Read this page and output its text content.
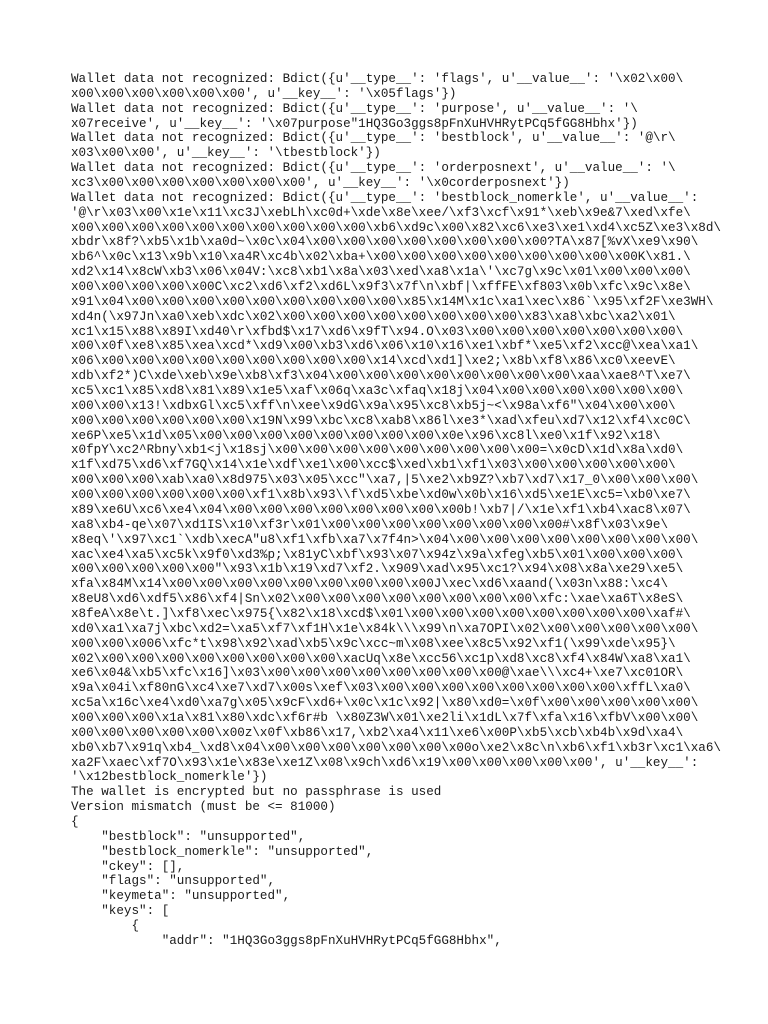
Wallet data not recognized: Bdict({u'__type__': 'flags', u'__value__': '\x02\x00\
x00\x00\x00\x00\x00\x00', u'__key__': '\x05flags'})
Wallet data not recognized: Bdict({u'__type__': 'purpose', u'__value__': '\
x07receive', u'__key__': '\x07purpose"1HQ3Go3ggs8pFnXuHVHRytPCq5fGG8Hbhx'})
Wallet data not recognized: Bdict({u'__type__': 'bestblock', u'__value__': '@\r\
x03\x00\x00', u'__key__': '\tbestblock'})
Wallet data not recognized: Bdict({u'__type__': 'orderposnext', u'__value__': '\
xc3\x00\x00\x00\x00\x00\x00\x00', u'__key__': '\x0corderposnext'})
Wallet data not recognized: Bdict({u'__type__': 'bestblock_nomerkle', u'__value__':
'@\r\x03\x00\x1e\x11\xc3J\xebLh\xc0d+\xde\x8e\xee/\xf3\xcf\x91*\xeb\x9e&7\xed\xfe\
x00\x00\x00\x00\x00\x00\x00\x00\x00\x00\xb6\xd9c\x00\x82\xc6\xe3\xe1\xd4\xc5Z\xe3\x8d\
xbdr\x8f?\xb5\x1b\xa0d~\x0c\x04\x00\x00\x00\x00\x00\x00\x00\x00?TA\x87[%vX\xe9\x90\
xb6^\x0c\x13\x9b\x10\xa4R\xc4b\x02\xba+\x00\x00\x00\x00\x00\x00\x00\x00\x00K\x81.\
xd2\x14\x8cW\xb3\x06\x04V:\xc8\xb1\x8a\x03\xed\xa8\x1a\'\xc7g\x9c\x01\x00\x00\x00\
x00\x00\x00\x00\x00C\xc2\xd6\xf2\xd6L\x9f3\x7f\n\xbf|\xffFE\xf803\x0b\xfc\x9c\x8e\
x91\x04\x00\x00\x00\x00\x00\x00\x00\x00\x00\x85\x14M\x1c\xa1\xec\x86`\x95\xf2F\xe3WH\
xd4n(\x97Jn\xa0\xeb\xdc\x02\x00\x00\x00\x00\x00\x00\x00\x00\x83\xa8\xbc\xa2\x01\
xc1\x15\x88\x89I\xd40\r\xfbd$\x17\xd6\x9fT\x94.O\x03\x00\x00\x00\x00\x00\x00\x00\
x00\x0f\xe8\x85\xea\xcd*\xd9\x00\xb3\xd6\x06\x10\x16\xe1\xbf*\xe5\xf2\xcc@\xea\xa1\
x06\x00\x00\x00\x00\x00\x00\x00\x00\x00\x14\xcd\xd1]\xe2;\x8b\xf8\x86\xc0\xeevE\
xdb\xf2*)C\xde\xeb\x9e\xb8\xf3\x04\x00\x00\x00\x00\x00\x00\x00\x00\xaa\xae8^T\xe7\
xc5\xc1\x85\xd8\x81\x89\x1e5\xaf\x06q\xa3c\xfaq\x18j\x04\x00\x00\x00\x00\x00\x00\
x00\x00\x13!\xdbxGl\xc5\xff\n\xee\x9dG\x9a\x95\xc8\xb5j~<\x98a\xf6"\x04\x00\x00\
x00\x00\x00\x00\x00\x00\x19N\x99\xbc\xc8\xab8\x86l\xe3*\xad\xfeu\xd7\x12\xf4\xc0C\
xe6P\xe5\x1d\x05\x00\x00\x00\x00\x00\x00\x00\x00\x0e\x96\xc8l\xe0\x1f\x92\x18\
x0fpY\xc2^Rbny\xb1<j\x18sj\x00\x00\x00\x00\x00\x00\x00\x00\x00=\x0cD\x1d\x8a\xd0\
x1f\xd75\xd6\xf7GQ\x14\x1e\xdf\xe1\x00\xcc$\xed\xb1\xf1\x03\x00\x00\x00\x00\x00\
x00\x00\x00\xab\xa0\x8d975\x03\x05\xcc"\xa7,|5\xe2\xb9Z?\xb7\xd7\x17_0\x00\x00\x00\
x00\x00\x00\x00\x00\x00\xf1\x8b\x93\\f\xd5\xbe\xd0w\x0b\x16\xd5\xe1E\xc5=\xb0\xe7\
x89\xe6U\xc6\xe4\x04\x00\x00\x00\x00\x00\x00\x00\x00b!\xb7|/\x1e\xf1\xb4\xac8\x07\
xa8\xb4-qe\x07\xd1IS\x10\xf3r\x01\x00\x00\x00\x00\x00\x00\x00\x00#\x8f\x03\x9e\
x8eq\'\x97\xc1`\xdb\xecA"u8\xf1\xfb\xa7\x7f4n>\x04\x00\x00\x00\x00\x00\x00\x00\x00\
xac\xe4\xa5\xc5k\x9f0\xd3%p;\x81yC\xbf\x93\x07\x94z\x9a\xfeg\xb5\x01\x00\x00\x00\
x00\x00\x00\x00\x00"\x93\x1b\x19\xd7\xf2.\x909\xad\x95\xc1?\x94\x08\x8a\xe29\xe5\
xfa\x84M\x14\x00\x00\x00\x00\x00\x00\x00\x00\x00J\xec\xd6\xaand(\x03n\x88:\xc4\
x8eU8\xd6\xdf5\x86\xf4|Sn\x02\x00\x00\x00\x00\x00\x00\x00\x00\xfc:\xae\xa6T\x8eS\
x8feA\x8e\t.]\xf8\xec\x975{\x82\x18\xcd$\x01\x00\x00\x00\x00\x00\x00\x00\x00\xaf#\
xd0\xa1\xa7j\xbc\xd2=\xa5\xf7\xf1H\x1e\x84k\\\x99\n\xa7OPI\x02\x00\x00\x00\x00\x00\
x00\x00\x006\xfc*t\x98\x92\xad\xb5\x9c\xcc~m\x08\xee\x8c5\x92\xf1(\x99\xde\x95}\
x02\x00\x00\x00\x00\x00\x00\x00\x00\xacUq\x8e\xcc56\xc1p\xd8\xc8\xf4\x84W\xa8\xa1\
xe6\x04&\xb5\xfc\x16]\x03\x00\x00\x00\x00\x00\x00\x00\x00@\xae\\\xc4+\xe7\xc01OR\
x9a\x04i\xf80nG\xc4\xe7\xd7\x00s\xef\x03\x00\x00\x00\x00\x00\x00\x00\x00\xffL\xa0\
xc5a\x16c\xe4\xd0\xa7g\x05\x9cF\xd6+\x0c\x1c\x92|\x80\xd0=\x0f\x00\x00\x00\x00\x00\
x00\x00\x00\x1a\x81\x80\xdc\xf6r#b \x80Z3W\x01\xe2li\x1dL\x7f\xfa\x16\xfbV\x00\x00\
x00\x00\x00\x00\x00\x00z\x0f\xb86\x17,\xb2\xa4\x11\xe6\x00P\xb5\xcb\xb4b\x9d\xa4\
xb0\xb7\x91q\xb4_\xd8\x04\x00\x00\x00\x00\x00\x00\x00o\xe2\x8c\n\xb6\xf1\xb3r\xc1\xa6\
xa2F\xaec\xf7O\x93\x1e\x83e\xe1Z\x08\x9ch\xd6\x19\x00\x00\x00\x00\x00', u'__key__':
'\x12bestblock_nomerkle'})
The wallet is encrypted but no passphrase is used
Version mismatch (must be <= 81000)
{
"bestblock": "unsupported",
"bestblock_nomerkle": "unsupported",
"ckey": [],
"flags": "unsupported",
"keymeta": "unsupported",
"keys": [
{
"addr": "1HQ3Go3ggs8pFnXuHVHRytPCq5fGG8Hbhx",
